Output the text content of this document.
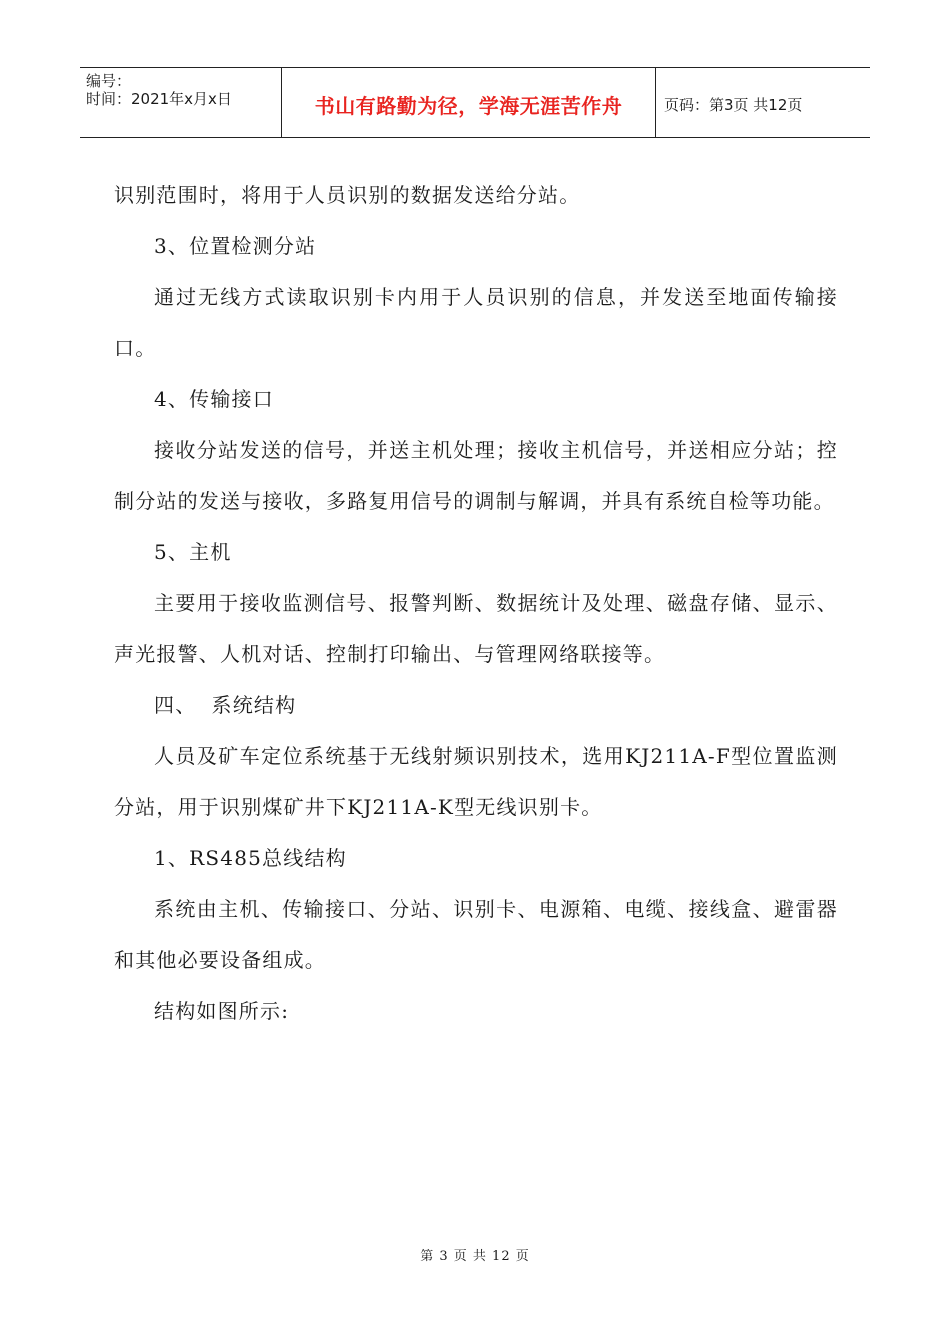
编号：
时间：2021年x月x日	书山有路勤为径，学海无涯苦作舟	页码：第3页 共12页

识别范围时，将用于人员识别的数据发送给分站。

3、位置检测分站

通过无线方式读取识别卡内用于人员识别的信息，并发送至地面传输接口。

4、传输接口

接收分站发送的信号，并送主机处理；接收主机信号，并送相应分站；控制分站的发送与接收，多路复用信号的调制与解调，并具有系统自检等功能。

5、主机

主要用于接收监测信号、报警判断、数据统计及处理、磁盘存储、显示、声光报警、人机对话、控制打印输出、与管理网络联接等。

四、  系统结构

人员及矿车定位系统基于无线射频识别技术，选用KJ211A-F型位置监测分站，用于识别煤矿井下KJ211A-K型无线识别卡。

1、RS485总线结构

系统由主机、传输接口、分站、识别卡、电源箱、电缆、接线盒、避雷器和其他必要设备组成。

结构如图所示:

第 3 页 共 12 页
